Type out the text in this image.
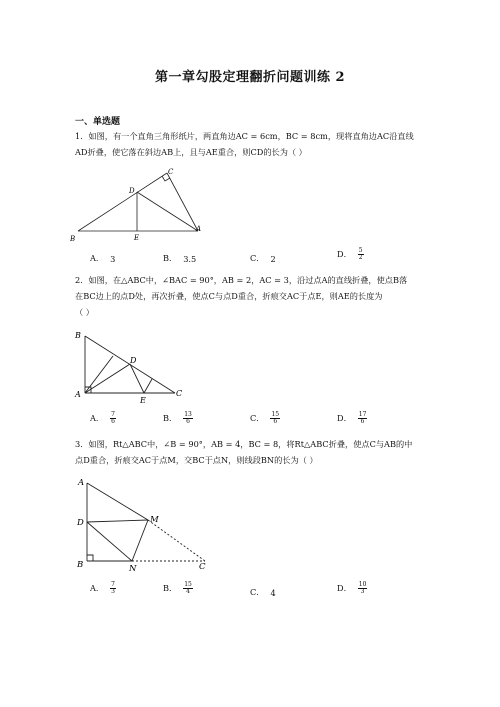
第一章勾股定理翻折问题训练 2
一、单选题
1．如图，有一个直角三角形纸片，两直角边AC = 6cm，BC = 8cm，现将直角边AC沿直线
AD折叠，使它落在斜边AB上，且与AE重合，则CD的长为（ ）
B
C
D
E
A
A． 3	B． 3.5	C． 2	D． $\frac{5}{2}$
2．如图，在△ABC中，∠BAC = 90°，AB = 2，AC = 3，沿过点A的直线折叠，使点B落
在BC边上的点D处，再次折叠，使点C与点D重合，折痕交AC于点E，则AE的长度为
（ ）
B
D
A
E
C
A． $\frac{7}{6}$	B． $\frac{13}{6}$	C． $\frac{15}{6}$	D． $\frac{17}{6}$
3．如图，Rt△ABC中，∠B = 90°，AB = 4，BC = 8，将Rt△ABC折叠，使点C与AB的中
点D重合，折痕交AC于点M，交BC于点N，则线段BN的长为（ ）
A
D	M
B	N	C
A． $\frac{7}{3}$	B． $\frac{15}{4}$	C． 4	D． $\frac{10}{3}$
